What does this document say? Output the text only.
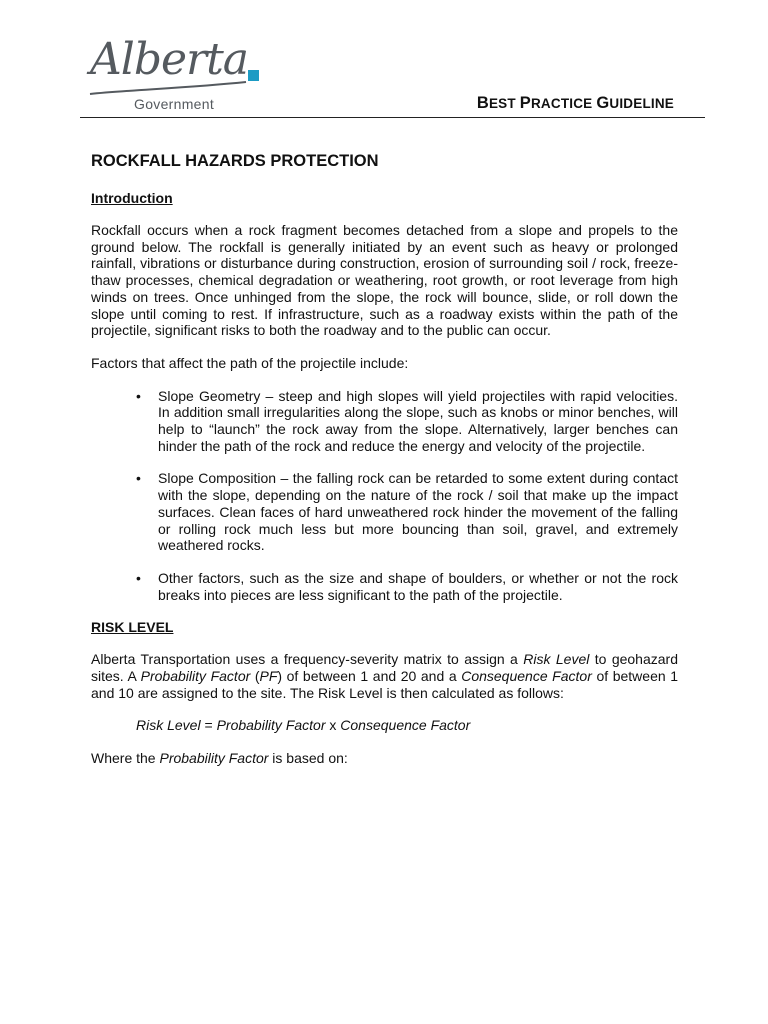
Alberta
Government	BEST PRACTICE GUIDELINE
ROCKFALL HAZARDS PROTECTION
Introduction

Rockfall occurs when a rock fragment becomes detached from a slope and propels to the ground below. The rockfall is generally initiated by an event such as heavy or prolonged rainfall, vibrations or disturbance during construction, erosion of surrounding soil / rock, freeze-thaw processes, chemical degradation or weathering, root growth, or root leverage from high winds on trees. Once unhinged from the slope, the rock will bounce, slide, or roll down the slope until coming to rest. If infrastructure, such as a roadway exists within the path of the projectile, significant risks to both the roadway and to the public can occur.

Factors that affect the path of the projectile include:

• Slope Geometry – steep and high slopes will yield projectiles with rapid velocities. In addition small irregularities along the slope, such as knobs or minor benches, will help to “launch” the rock away from the slope. Alternatively, larger benches can hinder the path of the rock and reduce the energy and velocity of the projectile.
• Slope Composition – the falling rock can be retarded to some extent during contact with the slope, depending on the nature of the rock / soil that make up the impact surfaces. Clean faces of hard unweathered rock hinder the movement of the falling or rolling rock much less but more bouncing than soil, gravel, and extremely weathered rocks.
• Other factors, such as the size and shape of boulders, or whether or not the rock breaks into pieces are less significant to the path of the projectile.
RISK LEVEL

Alberta Transportation uses a frequency-severity matrix to assign a Risk Level to geohazard sites. A Probability Factor (PF) of between 1 and 20 and a Consequence Factor of between 1 and 10 are assigned to the site. The Risk Level is then calculated as follows:

Risk Level = Probability Factor x Consequence Factor

Where the Probability Factor is based on:
